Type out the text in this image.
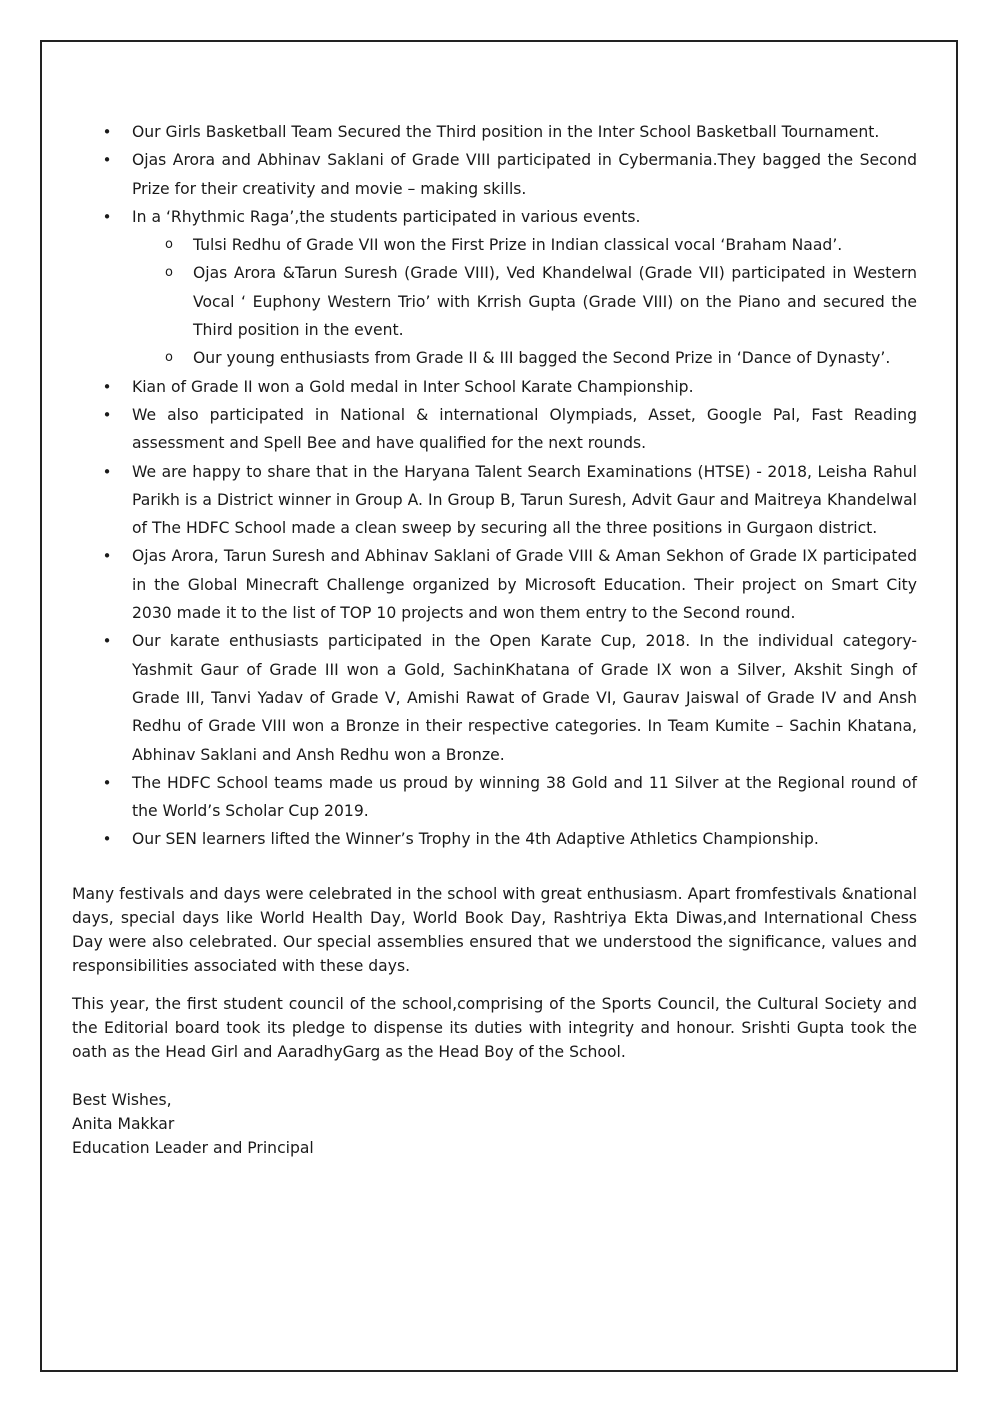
• Our Girls Basketball Team Secured the Third position in the Inter School Basketball Tournament.
• Ojas Arora and Abhinav Saklani of Grade VIII participated in Cybermania.They bagged the Second Prize for their creativity and movie – making skills.
• In a ‘Rhythmic Raga’,the students participated in various events.
o Tulsi Redhu of Grade VII won the First Prize in Indian classical vocal ‘Braham Naad’.
o Ojas Arora &Tarun Suresh (Grade VIII), Ved Khandelwal (Grade VII) participated in Western Vocal ‘ Euphony Western Trio’ with Krrish Gupta (Grade VIII) on the Piano and secured the Third position in the event.
o Our young enthusiasts from Grade II & III bagged the Second Prize in ‘Dance of Dynasty’.
• Kian of Grade II won a Gold medal in Inter School Karate Championship.
• We also participated in National & international Olympiads, Asset, Google Pal, Fast Reading assessment and Spell Bee and have qualified for the next rounds.
• We are happy to share that in the Haryana Talent Search Examinations (HTSE) - 2018, Leisha Rahul Parikh is a District winner in Group A. In Group B, Tarun Suresh, Advit Gaur and Maitreya Khandelwal of The HDFC School made a clean sweep by securing all the three positions in Gurgaon district.
• Ojas Arora, Tarun Suresh and Abhinav Saklani of Grade VIII & Aman Sekhon of Grade IX participated in the Global Minecraft Challenge organized by Microsoft Education. Their project on Smart City 2030 made it to the list of TOP 10 projects and won them entry to the Second round.
• Our karate enthusiasts participated in the Open Karate Cup, 2018. In the individual category- Yashmit Gaur of Grade III won a Gold, SachinKhatana of Grade IX won a Silver, Akshit Singh of Grade III, Tanvi Yadav of Grade V, Amishi Rawat of Grade VI, Gaurav Jaiswal of Grade IV and Ansh Redhu of Grade VIII won a Bronze in their respective categories. In Team Kumite – Sachin Khatana, Abhinav Saklani and Ansh Redhu won a Bronze.
• The HDFC School teams made us proud by winning 38 Gold and 11 Silver at the Regional round of the World’s Scholar Cup 2019.
• Our SEN learners lifted the Winner’s Trophy in the 4th Adaptive Athletics Championship.

Many festivals and days were celebrated in the school with great enthusiasm. Apart fromfestivals &national days, special days like World Health Day, World Book Day, Rashtriya Ekta Diwas,and International Chess Day were also celebrated. Our special assemblies ensured that we understood the significance, values and responsibilities associated with these days.

This year, the first student council of the school,comprising of the Sports Council, the Cultural Society and the Editorial board took its pledge to dispense its duties with integrity and honour. Srishti Gupta took the oath as the Head Girl and AaradhyGarg as the Head Boy of the School.

Best Wishes,
Anita Makkar
Education Leader and Principal
